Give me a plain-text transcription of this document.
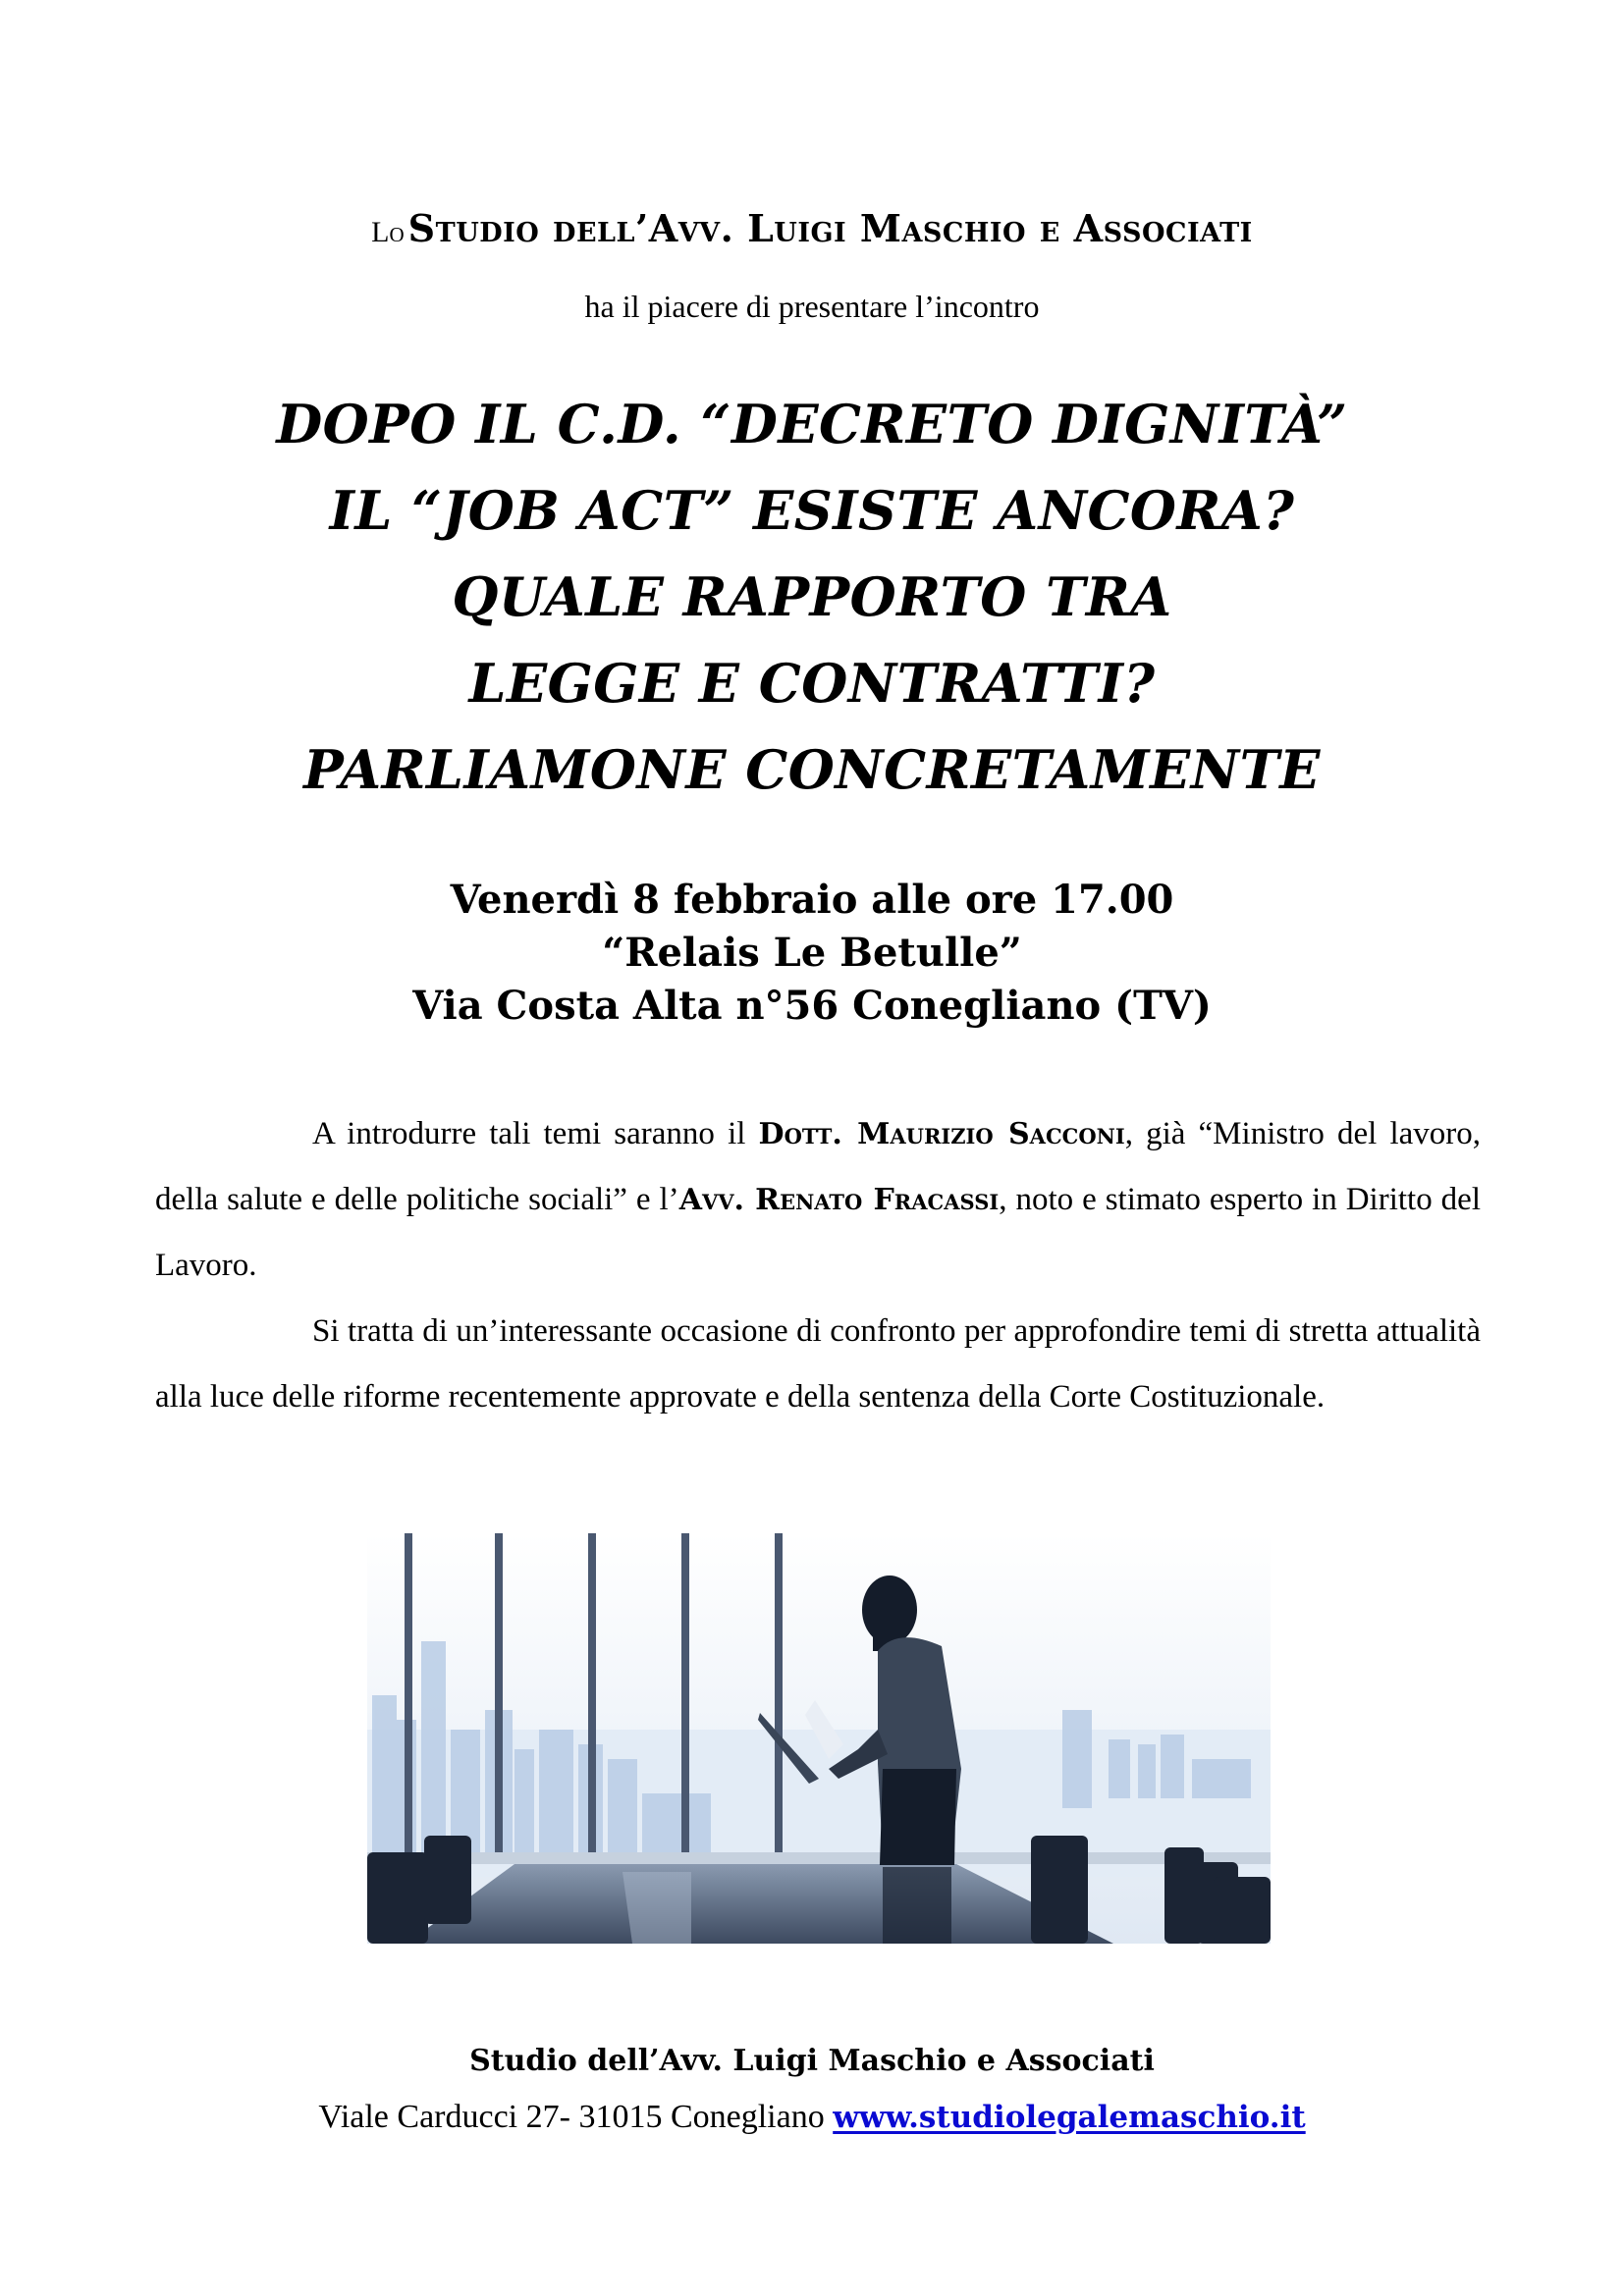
Lo Studio dell’Avv. Luigi Maschio e Associati
ha il piacere di presentare l’incontro
DOPO IL C.D. “DECRETO DIGNITÀ”
IL “JOB ACT” ESISTE ANCORA?
QUALE RAPPORTO TRA
LEGGE E CONTRATTI?
PARLIAMONE CONCRETAMENTE
Venerdì 8 febbraio alle ore 17.00
“Relais Le Betulle”
Via Costa Alta n°56 Conegliano (TV)

A introdurre tali temi saranno il Dott. Maurizio Sacconi, già “Ministro del lavoro, della salute e delle politiche sociali” e l’Avv. Renato Fracassi, noto e stimato esperto in Diritto del Lavoro.

Si tratta di un’interessante occasione di confronto per approfondire temi di stretta attualità alla luce delle riforme recentemente approvate e della sentenza della Corte Costituzionale.

Studio dell’Avv. Luigi Maschio e Associati
Viale Carducci 27- 31015 Conegliano www.studiolegalemaschio.it
